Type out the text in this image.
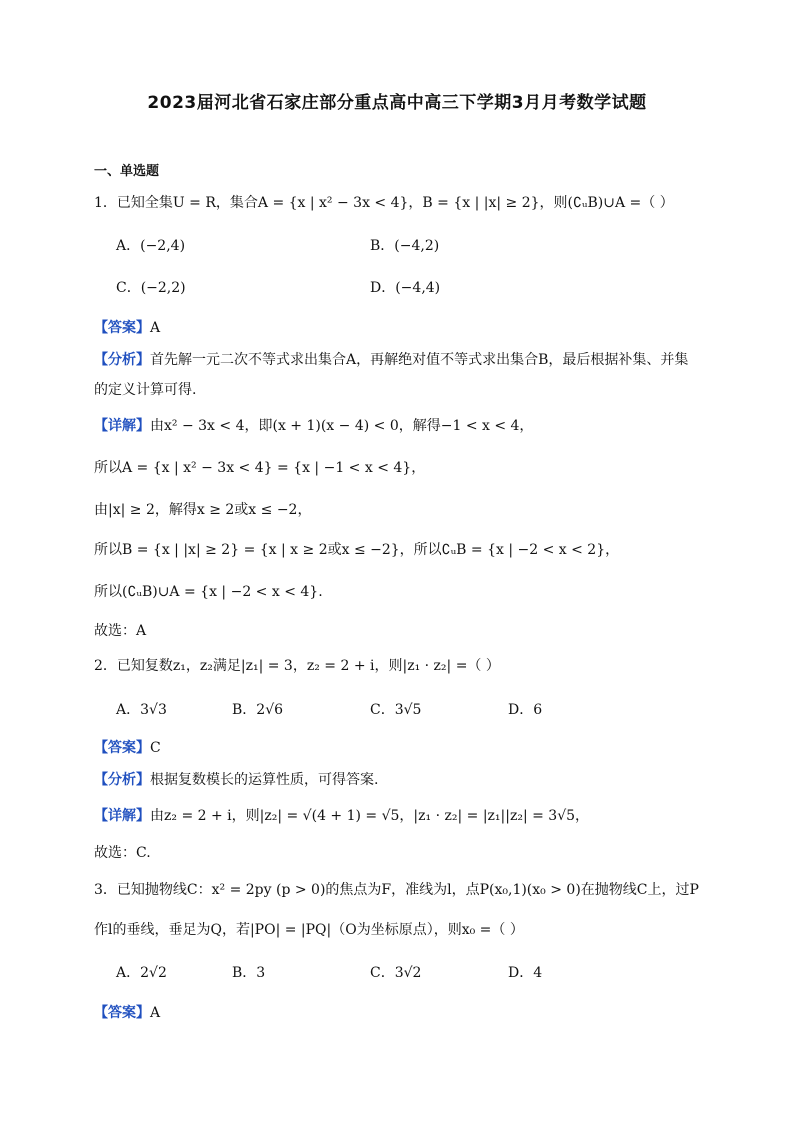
2023届河北省石家庄部分重点高中高三下学期3月月考数学试题
一、单选题
1．已知全集U = R，集合A = {x | x² − 3x < 4}，B = {x | |x| ≥ 2}，则(∁ᵤB)∪A =（ ）
A．(−2,4)	B．(−4,2)
C．(−2,2)	D．(−4,4)
【答案】A
【分析】首先解一元二次不等式求出集合A，再解绝对值不等式求出集合B，最后根据补集、并集
的定义计算可得.
【详解】由x² − 3x < 4，即(x + 1)(x − 4) < 0，解得−1 < x < 4，
所以A = {x | x² − 3x < 4} = {x | −1 < x < 4}，
由|x| ≥ 2，解得x ≥ 2或x ≤ −2，
所以B = {x | |x| ≥ 2} = {x | x ≥ 2或x ≤ −2}，所以∁ᵤB = {x | −2 < x < 2}，
所以(∁ᵤB)∪A = {x | −2 < x < 4}.
故选：A
2．已知复数z₁，z₂满足|z₁| = 3，z₂ = 2 + i，则|z₁ · z₂| =（ ）
A．3√3	B．2√6	C．3√5	D．6
【答案】C
【分析】根据复数模长的运算性质，可得答案.
【详解】由z₂ = 2 + i，则|z₂| = √(4 + 1) = √5，|z₁ · z₂| = |z₁||z₂| = 3√5，
故选：C.
3．已知抛物线C：x² = 2py (p > 0)的焦点为F，准线为l，点P(x₀,1)(x₀ > 0)在抛物线C上，过P
作l的垂线，垂足为Q，若|PO| = |PQ|（O为坐标原点），则x₀ =（ ）
A．2√2	B．3	C．3√2	D．4
【答案】A
